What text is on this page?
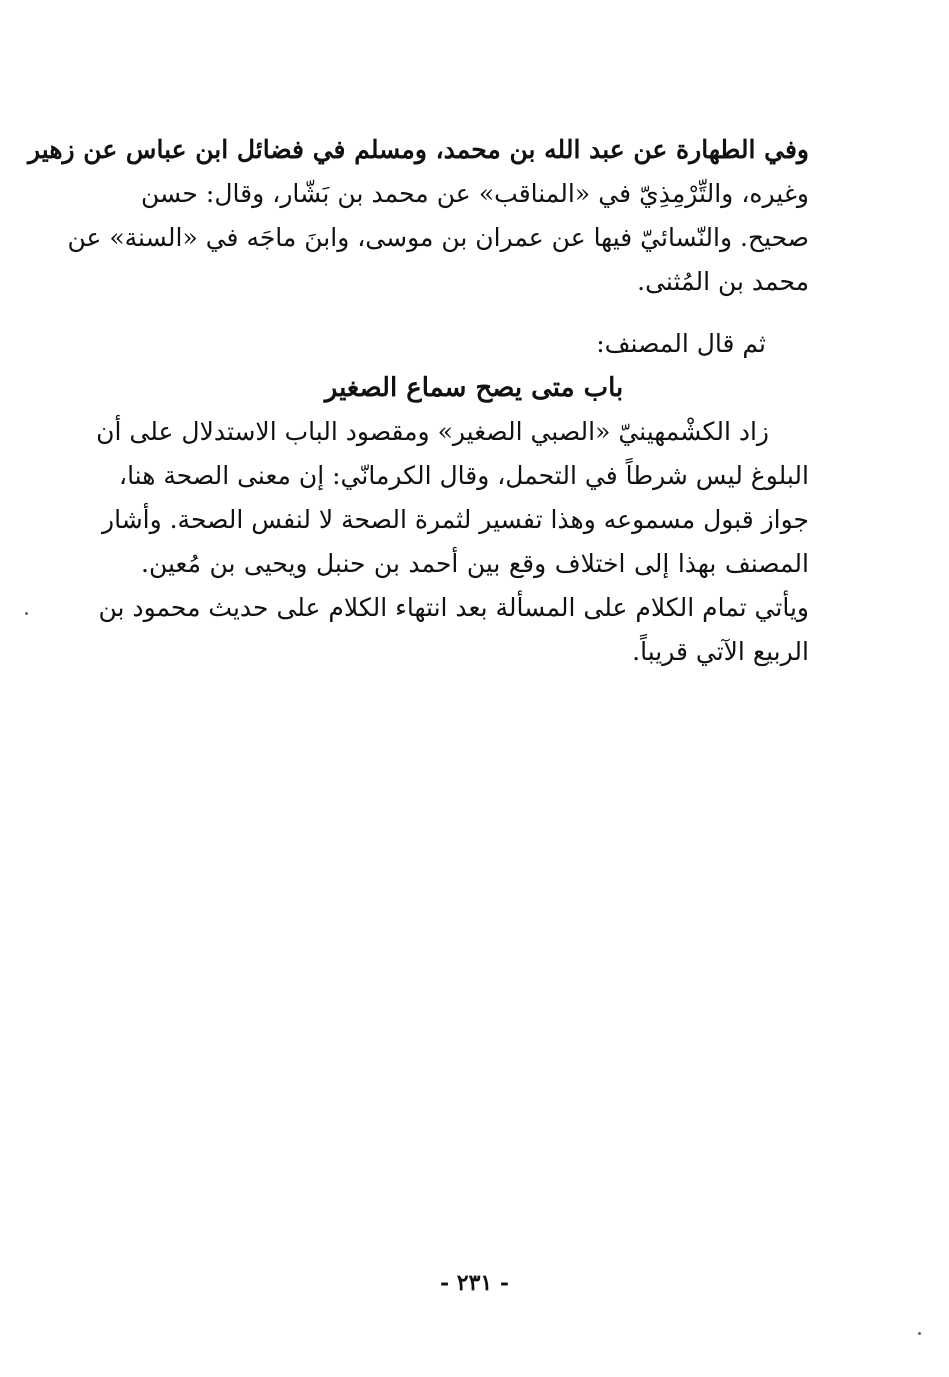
وفي الطهارة عن عبد الله بن محمد، ومسلم في فضائل ابن عباس عن زهير
وغيره، والتِّرْمِذِيّ في «المناقب» عن محمد بن بَشّار، وقال: حسن
صحيح. والنّسائيّ فيها عن عمران بن موسى، وابنَ ماجَه في «السنة» عن
محمد بن المُثنى.
ثم قال المصنف:
باب متى يصح سماع الصغير
زاد الكشْمهينيّ «الصبي الصغير» ومقصود الباب الاستدلال على أن
البلوغ ليس شرطاً في التحمل، وقال الكرمانّي: إن معنى الصحة هنا،
جواز قبول مسموعه وهذا تفسير لثمرة الصحة لا لنفس الصحة. وأشار
المصنف بهذا إلى اختلاف وقع بين أحمد بن حنبل ويحيى بن مُعين.
ويأتي تمام الكلام على المسألة بعد انتهاء الكلام على حديث محمود بن
الربيع الآتي قريباً.
- ٢٣١ -
